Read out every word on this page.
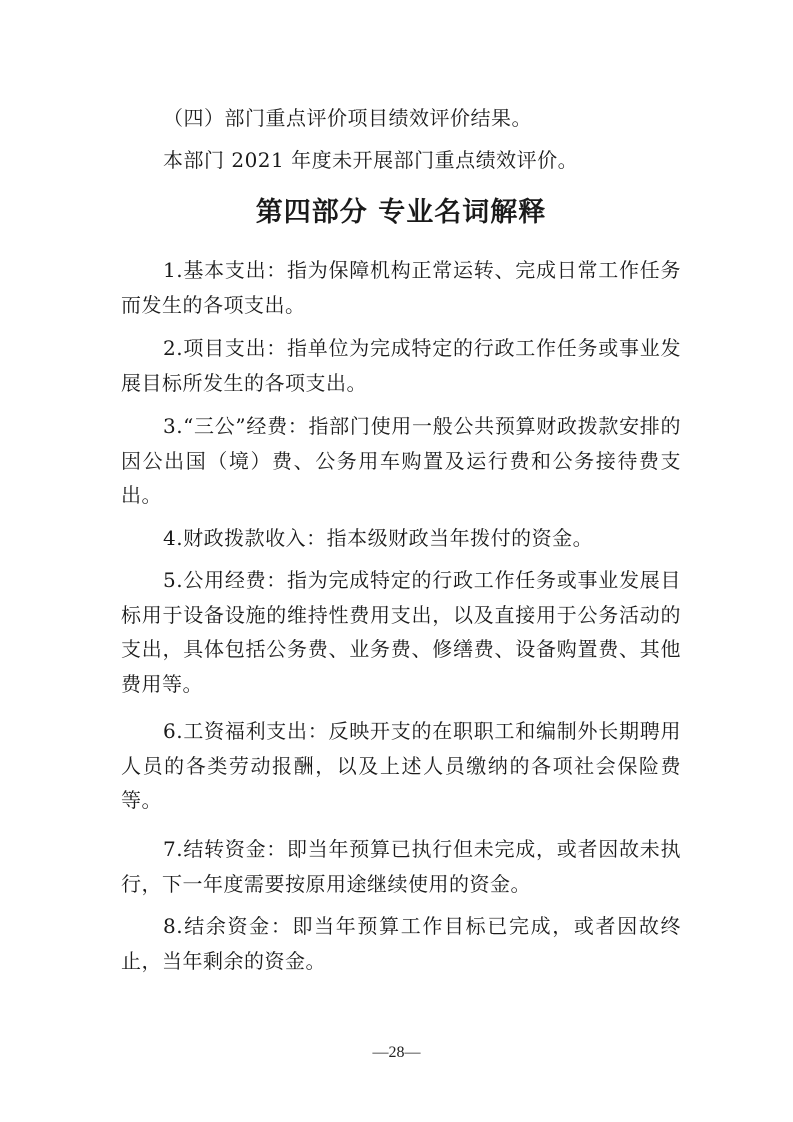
（四）部门重点评价项目绩效评价结果。

本部门 2021 年度未开展部门重点绩效评价。

第四部分 专业名词解释

1.基本支出：指为保障机构正常运转、完成日常工作任务而发生的各项支出。

2.项目支出：指单位为完成特定的行政工作任务或事业发展目标所发生的各项支出。

3.“三公”经费：指部门使用一般公共预算财政拨款安排的因公出国（境）费、公务用车购置及运行费和公务接待费支出。

4.财政拨款收入：指本级财政当年拨付的资金。

5.公用经费：指为完成特定的行政工作任务或事业发展目标用于设备设施的维持性费用支出，以及直接用于公务活动的支出，具体包括公务费、业务费、修缮费、设备购置费、其他费用等。

6.工资福利支出：反映开支的在职职工和编制外长期聘用人员的各类劳动报酬，以及上述人员缴纳的各项社会保险费等。

7.结转资金：即当年预算已执行但未完成，或者因故未执行，下一年度需要按原用途继续使用的资金。

8.结余资金：即当年预算工作目标已完成，或者因故终止，当年剩余的资金。

—28—
